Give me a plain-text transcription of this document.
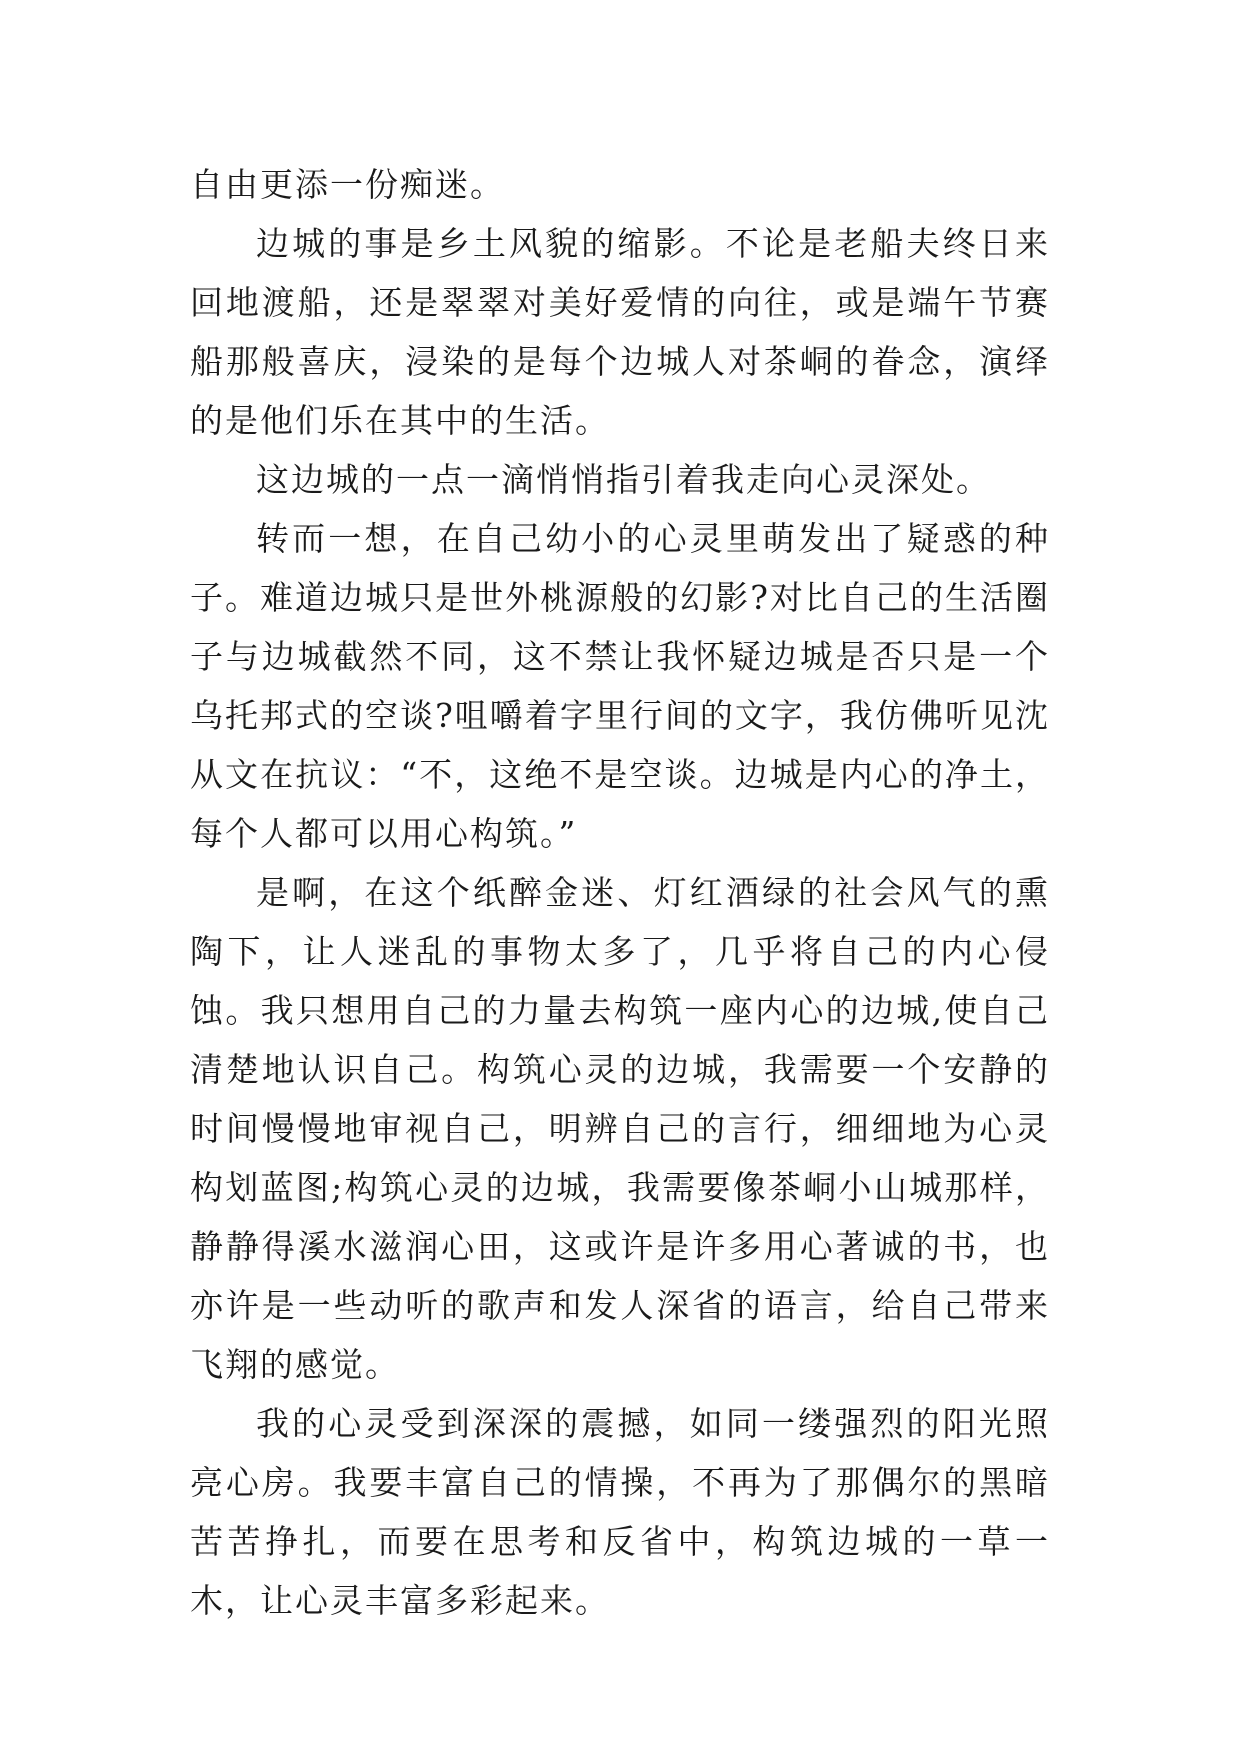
自由更添一份痴迷。

边城的事是乡土风貌的缩影。不论是老船夫终日来回地渡船，还是翠翠对美好爱情的向往，或是端午节赛船那般喜庆，浸染的是每个边城人对茶峒的眷念，演绎的是他们乐在其中的生活。

这边城的一点一滴悄悄指引着我走向心灵深处。

转而一想，在自己幼小的心灵里萌发出了疑惑的种子。难道边城只是世外桃源般的幻影?对比自己的生活圈子与边城截然不同，这不禁让我怀疑边城是否只是一个乌托邦式的空谈?咀嚼着字里行间的文字，我仿佛听见沈从文在抗议：“不，这绝不是空谈。边城是内心的净土，每个人都可以用心构筑。”

是啊，在这个纸醉金迷、灯红酒绿的社会风气的熏陶下，让人迷乱的事物太多了，几乎将自己的内心侵蚀。我只想用自己的力量去构筑一座内心的边城,使自己清楚地认识自己。构筑心灵的边城，我需要一个安静的时间慢慢地审视自己，明辨自己的言行，细细地为心灵构划蓝图;构筑心灵的边城，我需要像茶峒小山城那样，静静得溪水滋润心田，这或许是许多用心著诚的书，也亦许是一些动听的歌声和发人深省的语言，给自己带来飞翔的感觉。

我的心灵受到深深的震撼，如同一缕强烈的阳光照亮心房。我要丰富自己的情操，不再为了那偶尔的黑暗苦苦挣扎，而要在思考和反省中，构筑边城的一草一木，让心灵丰富多彩起来。
